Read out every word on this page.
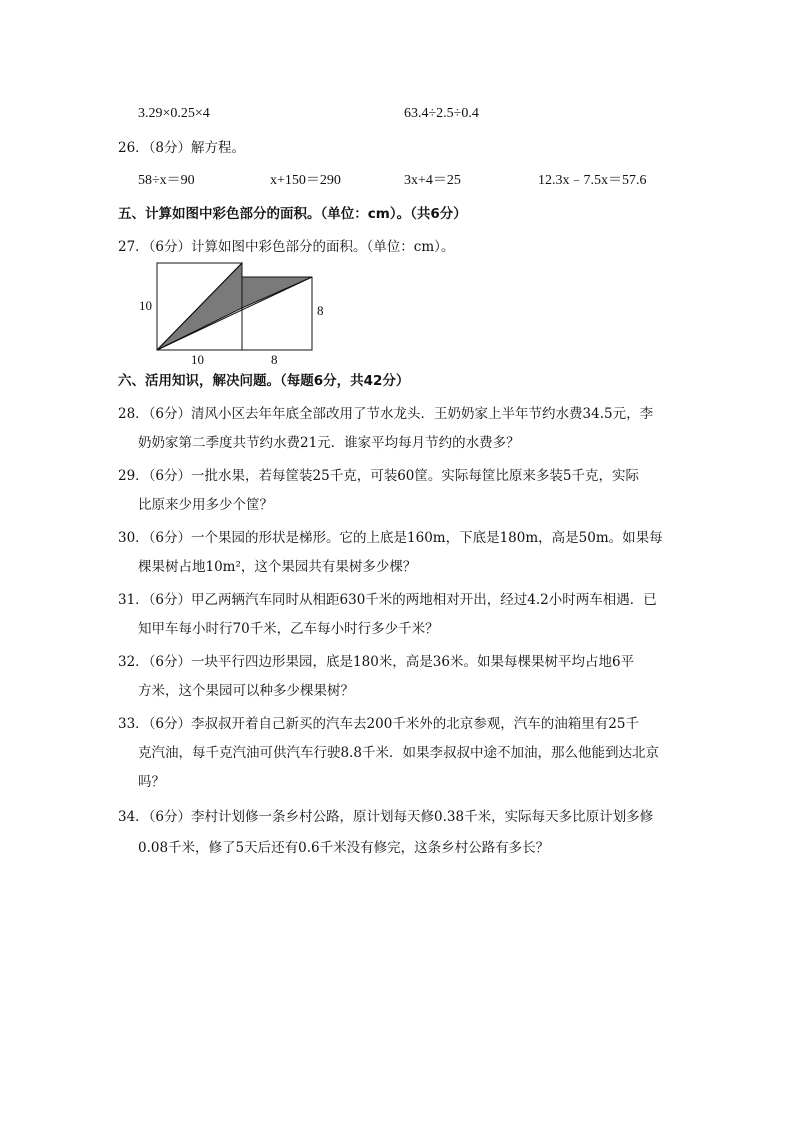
3.29×0.25×4	63.4÷2.5÷0.4
26．（8分）解方程。
58÷x＝90	x+150＝290	3x+4＝25	12.3x﹣7.5x＝57.6
五、计算如图中彩色部分的面积。（单位：cm）。（共6分）
27．（6分）计算如图中彩色部分的面积。（单位：cm）。
10	8
10	8
六、活用知识，解决问题。（每题6分，共42分）
28．（6分）清风小区去年年底全部改用了节水龙头．王奶奶家上半年节约水费34.5元，李
奶奶家第二季度共节约水费21元．谁家平均每月节约的水费多？
29．（6分）一批水果，若每筐装25千克，可装60筐。实际每筐比原来多装5千克，实际
比原来少用多少个筐？
30．（6分）一个果园的形状是梯形。它的上底是160m，下底是180m，高是50m。如果每
棵果树占地10m²，这个果园共有果树多少棵？
31．（6分）甲乙两辆汽车同时从相距630千米的两地相对开出，经过4.2小时两车相遇．已
知甲车每小时行70千米，乙车每小时行多少千米？
32．（6分）一块平行四边形果园，底是180米，高是36米。如果每棵果树平均占地6平
方米，这个果园可以种多少棵果树？
33．（6分）李叔叔开着自己新买的汽车去200千米外的北京参观，汽车的油箱里有25千
克汽油，每千克汽油可供汽车行驶8.8千米．如果李叔叔中途不加油，那么他能到达北京
吗？
34．（6分）李村计划修一条乡村公路，原计划每天修0.38千米，实际每天多比原计划多修
0.08千米，修了5天后还有0.6千米没有修完，这条乡村公路有多长？
